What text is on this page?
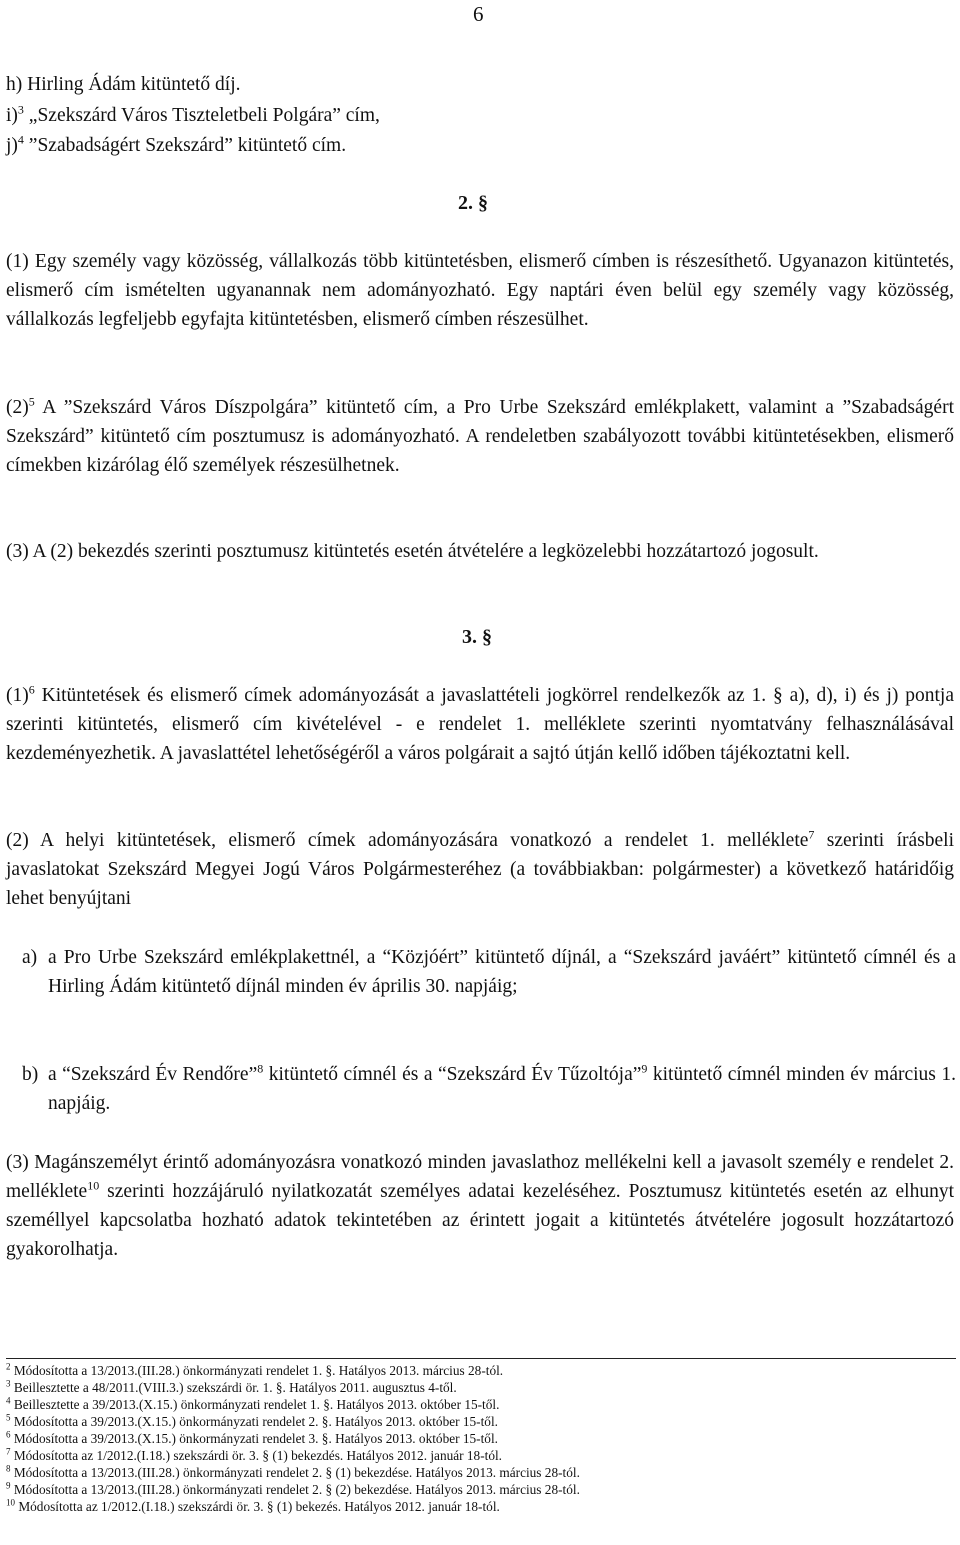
6
h) Hirling Ádám kitüntető díj.
i)$^3$ „Szekszárd Város Tiszteletbeli Polgára” cím,
j)$^4$ ”Szabadságért Szekszárd” kitüntető cím.
2. §
(1) Egy személy vagy közösség, vállalkozás több kitüntetésben, elismerő címben is részesíthető. Ugyanazon kitüntetés, elismerő cím ismételten ugyanannak nem adományozható. Egy naptári éven belül egy személy vagy közösség, vállalkozás legfeljebb egyfajta kitüntetésben, elismerő címben részesülhet.
$(2)^5$ A ”Szekszárd Város Díszpolgára” kitüntető cím, a Pro Urbe Szekszárd emlékplakett, valamint a ”Szabadságért Szekszárd” kitüntető cím posztumusz is adományozható. A rendeletben szabályozott további kitüntetésekben, elismerő címekben kizárólag élő személyek részesülhetnek.
(3) A (2) bekezdés szerinti posztumusz kitüntetés esetén átvételére a legközelebbi hozzátartozó jogosult.
3. §
$(1)^6$ Kitüntetések és elismerő címek adományozását a javaslattételi jogkörrel rendelkezők az 1. § a), d), i) és j) pontja szerinti kitüntetés, elismerő cím kivételével - e rendelet 1. melléklete szerinti nyomtatvány felhasználásával kezdeményezhetik. A javaslattétel lehetőségéről a város polgárait a sajtó útján kellő időben tájékoztatni kell.
(2) A helyi kitüntetések, elismerő címek adományozására vonatkozó a rendelet 1. melléklete$^7$ szerinti írásbeli javaslatokat Szekszárd Megyei Jogú Város Polgármesteréhez (a továbbiakban: polgármester) a következő határidőig lehet benyújtani
a) a Pro Urbe Szekszárd emlékplakettnél, a “Közjóért” kitüntető díjnál, a “Szekszárd javáért” kitüntető címnél és a Hirling Ádám kitüntető díjnál minden év április 30. napjáig;
b) a “Szekszárd Év Rendőre”$^8$ kitüntető címnél és a “Szekszárd Év Tűzoltója”$^9$ kitüntető címnél minden év március 1. napjáig.
(3) Magánszemélyt érintő adományozásra vonatkozó minden javaslathoz mellékelni kell a javasolt személy e rendelet 2. melléklete$^{10}$ szerinti hozzájáruló nyilatkozatát személyes adatai kezeléséhez. Posztumusz kitüntetés esetén az elhunyt személlyel kapcsolatba hozható adatok tekintetében az érintett jogait a kitüntetés átvételére jogosult hozzátartozó gyakorolhatja.
$^2$ Módosította a 13/2013.(III.28.) önkormányzati rendelet 1. §. Hatályos 2013. március 28-tól.
$^3$ Beillesztette a 48/2011.(VIII.3.) szekszárdi ör. 1. §. Hatályos 2011. augusztus 4-től.
$^4$ Beillesztette a 39/2013.(X.15.) önkormányzati rendelet 1. §. Hatályos 2013. október 15-től.
$^5$ Módosította a 39/2013.(X.15.) önkormányzati rendelet 2. §. Hatályos 2013. október 15-től.
$^6$ Módosította a 39/2013.(X.15.) önkormányzati rendelet 3. §. Hatályos 2013. október 15-től.
$^7$ Módosította az 1/2012.(I.18.) szekszárdi ör. 3. § (1) bekezdés. Hatályos 2012. január 18-tól.
$^8$ Módosította a 13/2013.(III.28.) önkormányzati rendelet 2. § (1) bekezdése. Hatályos 2013. március 28-tól.
$^9$ Módosította a 13/2013.(III.28.) önkormányzati rendelet 2. § (2) bekezdése. Hatályos 2013. március 28-tól.
$^{10}$ Módosította az 1/2012.(I.18.) szekszárdi ör. 3. § (1) bekezés. Hatályos 2012. január 18-tól.
